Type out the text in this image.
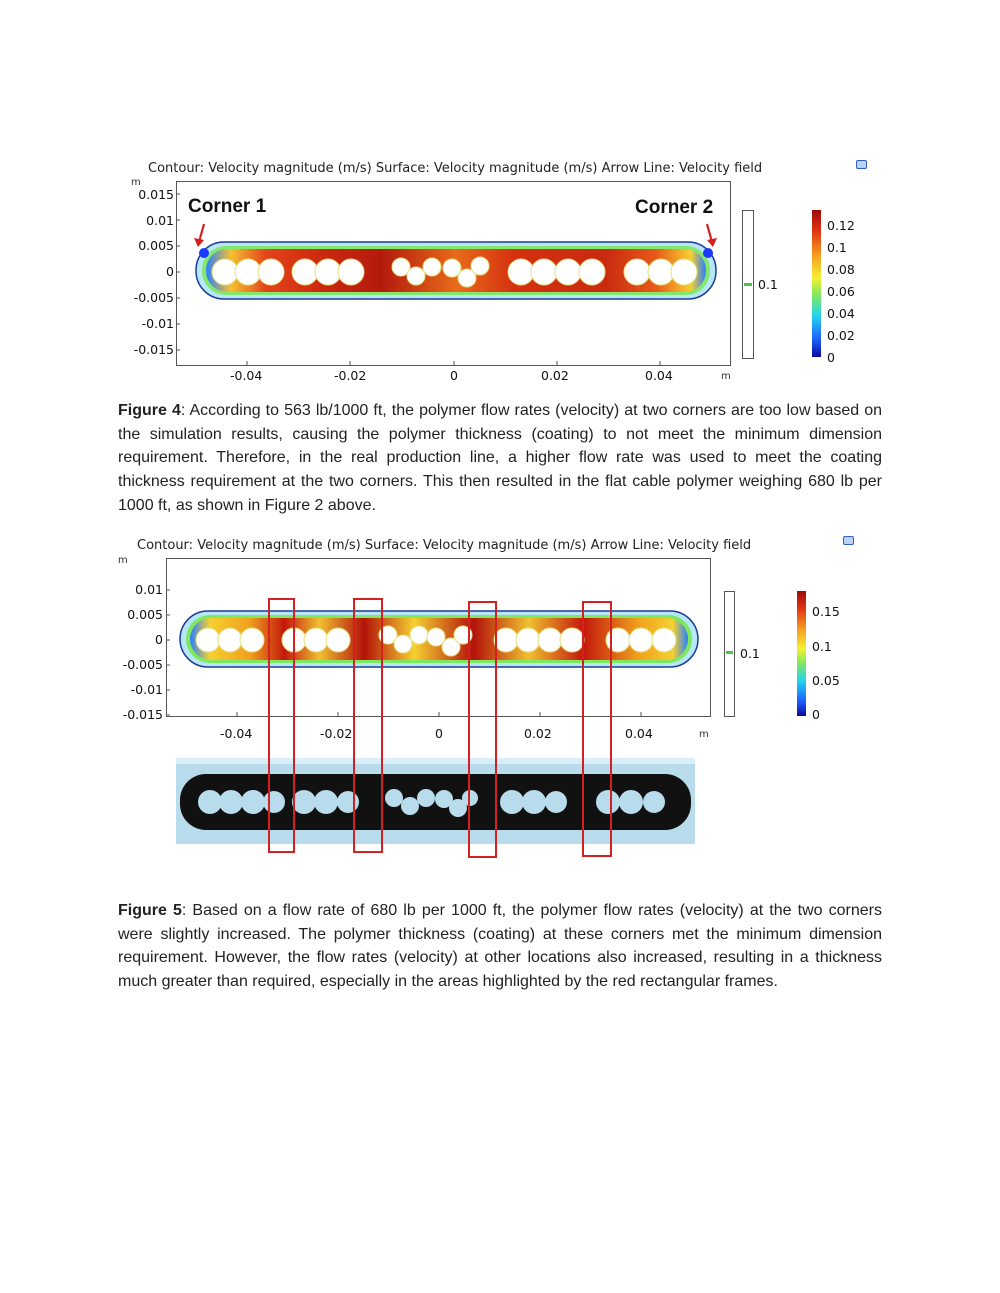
Contour: Velocity magnitude (m/s) Surface: Velocity magnitude (m/s) Arrow Line: Velocity field
m
0.015
0.01
0.005
0
-0.005
-0.01
-0.015
Corner 1	Corner 2
-0.04	-0.02	0	0.02	0.04	m
0.1
0.12
0.1
0.08
0.06
0.04
0.02
0
Figure 4: According to 563 lb/1000 ft, the polymer flow rates (velocity) at two corners are too low based on the simulation results, causing the polymer thickness (coating) to not meet the minimum dimension requirement. Therefore, in the real production line, a higher flow rate was used to meet the coating thickness requirement at the two corners. This then resulted in the flat cable polymer weighing 680 lb per 1000 ft, as shown in Figure 2 above.
Contour: Velocity magnitude (m/s) Surface: Velocity magnitude (m/s) Arrow Line: Velocity field
m
0.01
0.005
0
-0.005
-0.01
-0.015
-0.04	-0.02	0	0.02	0.04	m
0.1
0.15
0.1
0.05
0
Figure 5: Based on a flow rate of 680 lb per 1000 ft, the polymer flow rates (velocity) at the two corners were slightly increased. The polymer thickness (coating) at these corners met the minimum dimension requirement. However, the flow rates (velocity) at other locations also increased, resulting in a thickness much greater than required, especially in the areas highlighted by the red rectangular frames.
